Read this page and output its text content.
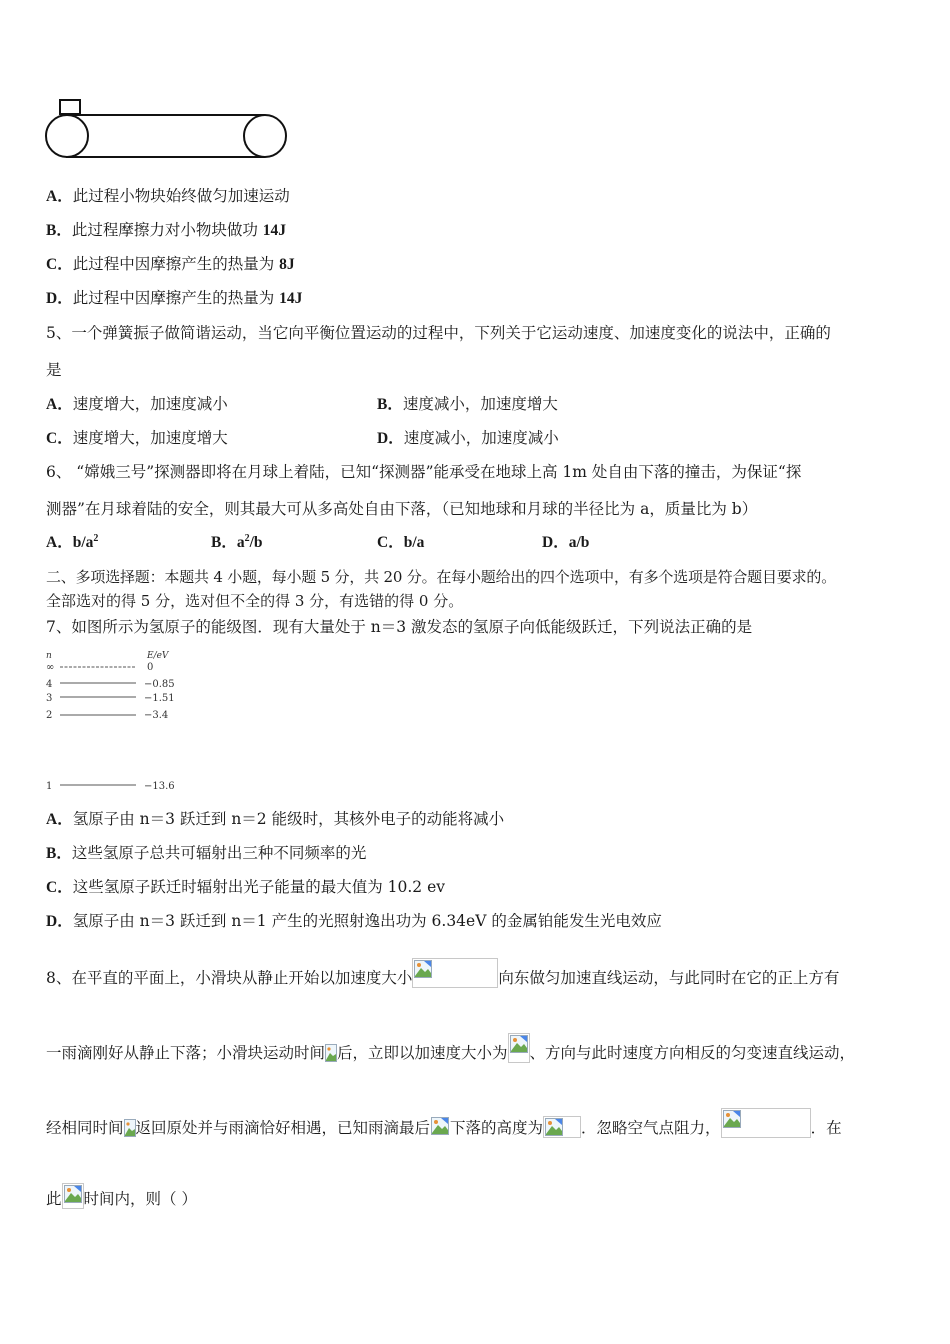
A．此过程小物块始终做匀加速运动
B．此过程摩擦力对小物块做功 14J
C．此过程中因摩擦产生的热量为 8J
D．此过程中因摩擦产生的热量为 14J
5、一个弹簧振子做简谐运动，当它向平衡位置运动的过程中，下列关于它运动速度、加速度变化的说法中，正确的
是
A．速度增大，加速度减小	B．速度减小，加速度增大
C．速度增大，加速度增大	D．速度减小，加速度减小
6、 “嫦娥三号”探测器即将在月球上着陆，已知“探测器”能承受在地球上高 1m 处自由下落的撞击，为保证“探
测器”在月球着陆的安全，则其最大可从多高处自由下落，（已知地球和月球的半径比为 a，质量比为 b）
A．$b/a^2$	B．$a^2/b$	C．b/a	D．a/b
二、多项选择题：本题共 4 小题，每小题 5 分，共 20 分。在每小题给出的四个选项中，有多个选项是符合题目要求的。
全部选对的得 5 分，选对但不全的得 3 分，有选错的得 0 分。
7、如图所示为氢原子的能级图．现有大量处于 n＝3 激发态的氢原子向低能级跃迁，下列说法正确的是
n	E/eV
∞	0
4	−0.85
3	−1.51
2	−3.4
1	−13.6
A．氢原子由 n＝3 跃迁到 n＝2 能级时，其核外电子的动能将减小
B．这些氢原子总共可辐射出三种不同频率的光
C．这些氢原子跃迁时辐射出光子能量的最大值为 10.2 ev
D．氢原子由 n＝3 跃迁到 n＝1 产生的光照射逸出功为 6.34eV 的金属铂能发生光电效应
8、在平直的平面上，小滑块从静止开始以加速度大小	向东做匀加速直线运动，与此同时在它的正上方有
一雨滴刚好从静止下落；小滑块运动时间 后，立即以加速度大小为 、方向与此时速度方向相反的匀变速直线运动，
经相同时间 返回原处并与雨滴恰好相遇，已知雨滴最后 下落的高度为 ．忽略空气点阻力，	．在
此 时间内，则（ ）
